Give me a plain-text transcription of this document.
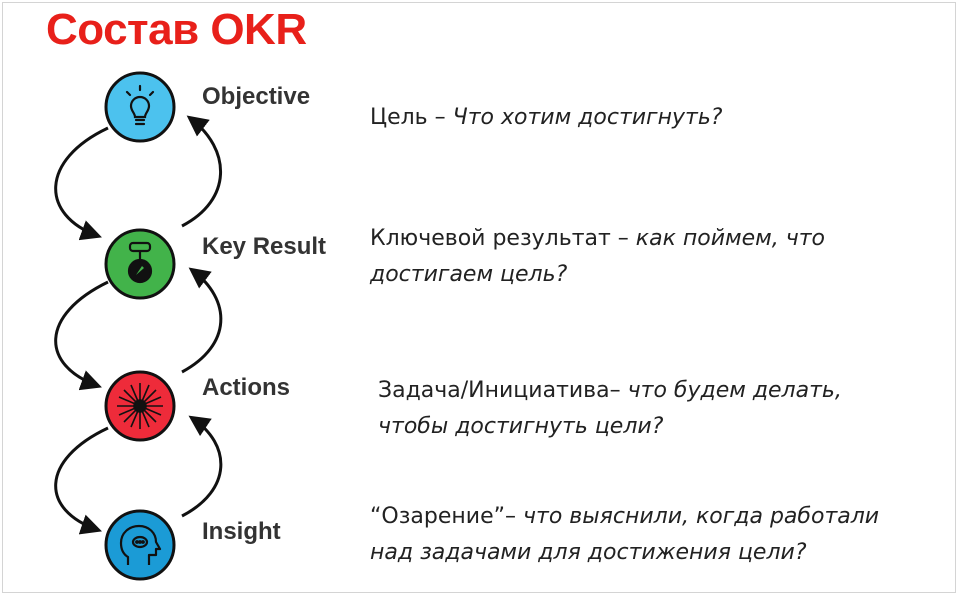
Состав OKR
Objective
Key Result
Actions
Insight
Цель – Что хотим достигнуть?
Ключевой результат – как поймем, что
достигаем цель?
Задача/Инициатива– что будем делать,
чтобы достигнуть цели?
“Озарение”– что выяснили, когда работали
над задачами для достижения цели?
